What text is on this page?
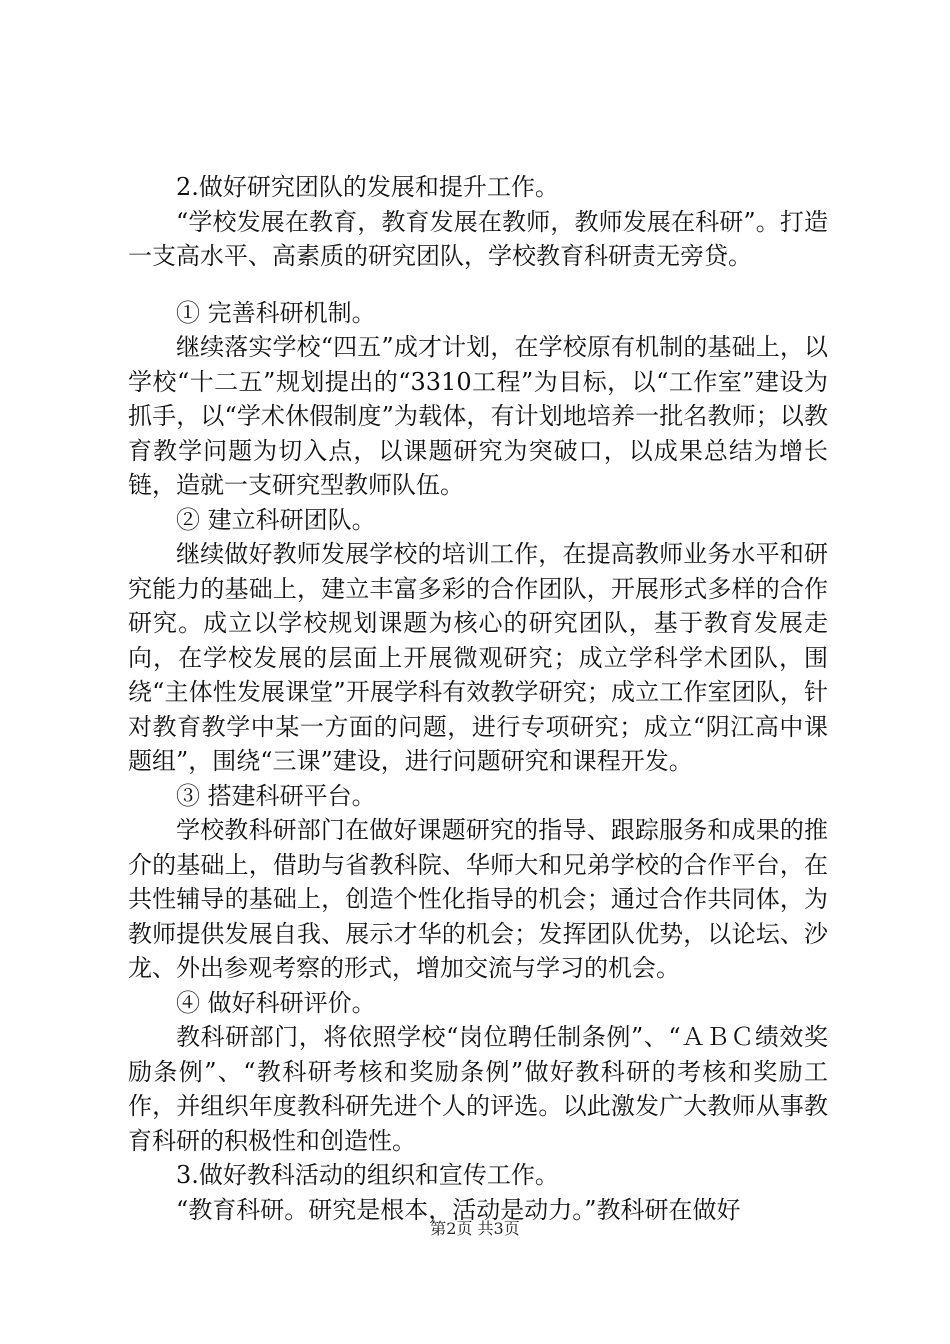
2.做好研究团队的发展和提升工作。

“学校发展在教育，教育发展在教师，教师发展在科研”。打造一支高水平、高素质的研究团队，学校教育科研责无旁贷。

① 完善科研机制。

继续落实学校“四五”成才计划，在学校原有机制的基础上，以学校“十二五”规划提出的“3310工程”为目标，以“工作室”建设为抓手，以“学术休假制度”为载体，有计划地培养一批名教师；以教育教学问题为切入点，以课题研究为突破口，以成果总结为增长链，造就一支研究型教师队伍。

② 建立科研团队。

继续做好教师发展学校的培训工作，在提高教师业务水平和研究能力的基础上，建立丰富多彩的合作团队，开展形式多样的合作研究。成立以学校规划课题为核心的研究团队，基于教育发展走向，在学校发展的层面上开展微观研究；成立学科学术团队，围绕“主体性发展课堂”开展学科有效教学研究；成立工作室团队，针对教育教学中某一方面的问题，进行专项研究；成立“阴江高中课题组”，围绕“三课”建设，进行问题研究和课程开发。

③ 搭建科研平台。

学校教科研部门在做好课题研究的指导、跟踪服务和成果的推介的基础上，借助与省教科院、华师大和兄弟学校的合作平台，在共性辅导的基础上，创造个性化指导的机会；通过合作共同体，为教师提供发展自我、展示才华的机会；发挥团队优势，以论坛、沙龙、外出参观考察的形式，增加交流与学习的机会。

④ 做好科研评价。

教科研部门，将依照学校“岗位聘任制条例”、“ＡＢＣ绩效奖励条例”、“教科研考核和奖励条例”做好教科研的考核和奖励工作，并组织年度教科研先进个人的评选。以此激发广大教师从事教育科研的积极性和创造性。

3.做好教科活动的组织和宣传工作。

“教育科研。研究是根本，活动是动力。”教科研在做好

第2页 共3页
